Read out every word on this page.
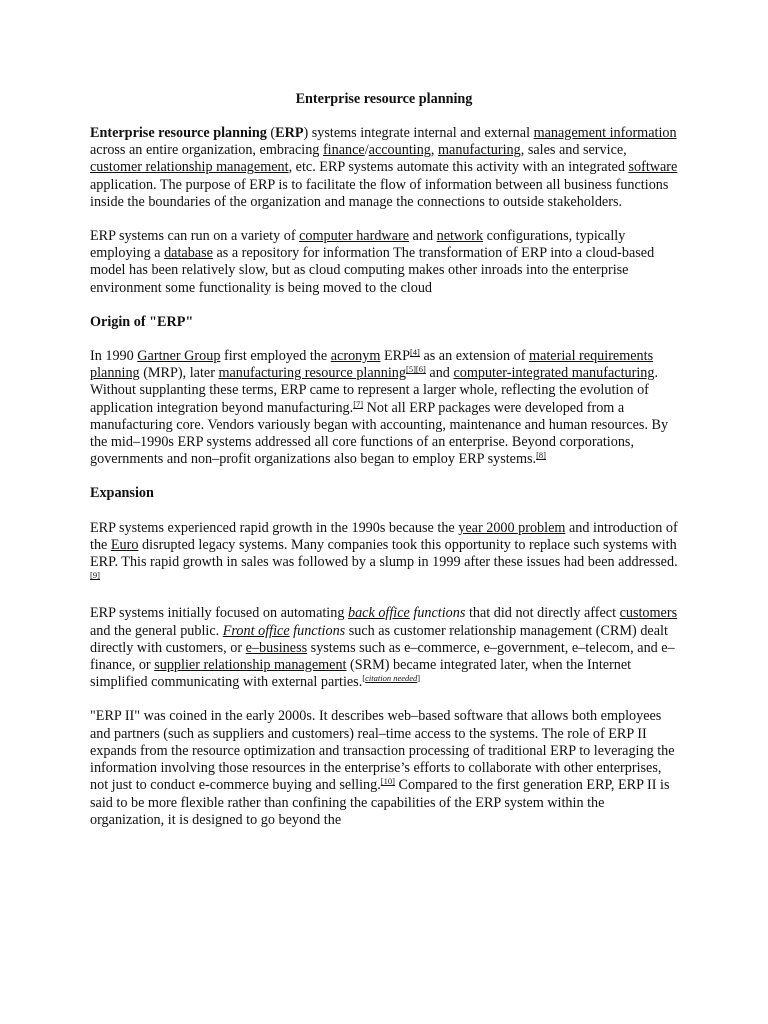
Enterprise resource planning

Enterprise resource planning (ERP) systems integrate internal and external management information across an entire organization, embracing finance/accounting, manufacturing, sales and service, customer relationship management, etc. ERP systems automate this activity with an integrated software application. The purpose of ERP is to facilitate the flow of information between all business functions inside the boundaries of the organization and manage the connections to outside stakeholders.

ERP systems can run on a variety of computer hardware and network configurations, typically employing a database as a repository for information The transformation of ERP into a cloud-based model has been relatively slow, but as cloud computing makes other inroads into the enterprise environment some functionality is being moved to the cloud

Origin of "ERP"

In 1990 Gartner Group first employed the acronym ERP[4] as an extension of material requirements planning (MRP), later manufacturing resource planning[5][6] and computer-integrated manufacturing. Without supplanting these terms, ERP came to represent a larger whole, reflecting the evolution of application integration beyond manufacturing.[7] Not all ERP packages were developed from a manufacturing core. Vendors variously began with accounting, maintenance and human resources. By the mid–1990s ERP systems addressed all core functions of an enterprise. Beyond corporations, governments and non–profit organizations also began to employ ERP systems.[8]

Expansion

ERP systems experienced rapid growth in the 1990s because the year 2000 problem and introduction of the Euro disrupted legacy systems. Many companies took this opportunity to replace such systems with ERP. This rapid growth in sales was followed by a slump in 1999 after these issues had been addressed.[9]

ERP systems initially focused on automating back office functions that did not directly affect customers and the general public. Front office functions such as customer relationship management (CRM) dealt directly with customers, or e–business systems such as e–commerce, e–government, e–telecom, and e–finance, or supplier relationship management (SRM) became integrated later, when the Internet simplified communicating with external parties.[citation needed]

"ERP II" was coined in the early 2000s. It describes web–based software that allows both employees and partners (such as suppliers and customers) real–time access to the systems. The role of ERP II expands from the resource optimization and transaction processing of traditional ERP to leveraging the information involving those resources in the enterprise’s efforts to collaborate with other enterprises, not just to conduct e-commerce buying and selling.[10] Compared to the first generation ERP, ERP II is said to be more flexible rather than confining the capabilities of the ERP system within the organization, it is designed to go beyond the
